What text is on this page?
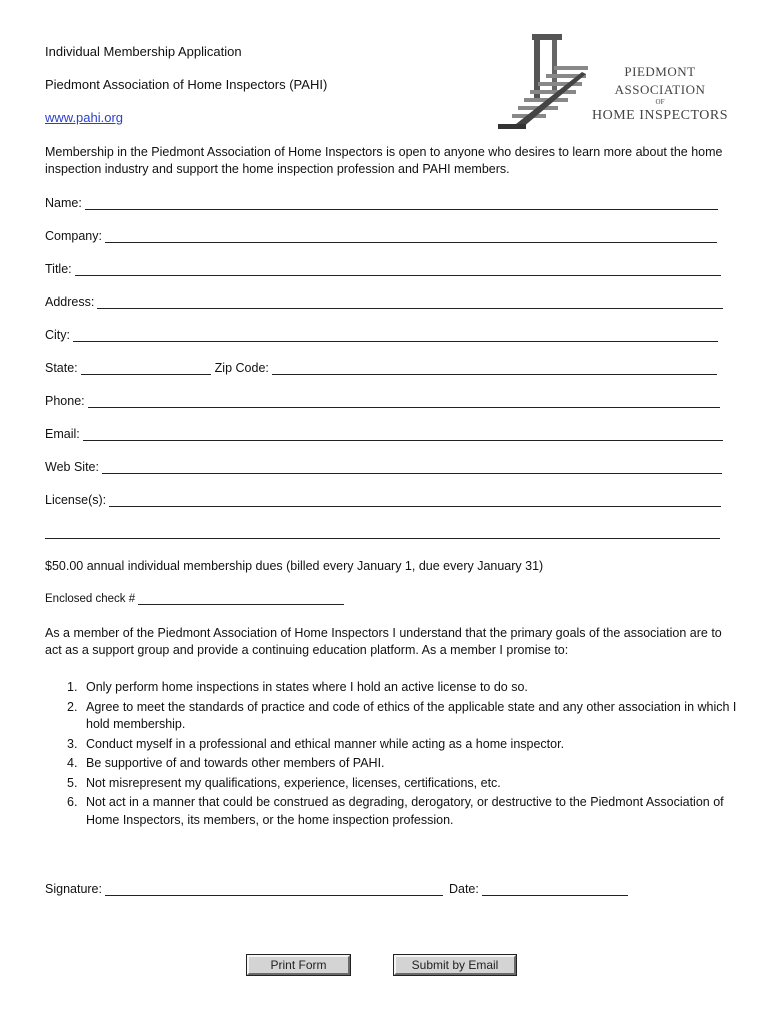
Individual Membership Application
Piedmont Association of Home Inspectors (PAHI)
www.pahi.org
PIEDMONT
ASSOCIATION
OF
HOME INSPECTORS
Membership in the Piedmont Association of Home Inspectors is open to anyone who desires to learn more about the home inspection industry and support the home inspection profession and PAHI members.
Name:
Company:
Title:
Address:
City:
State:	Zip Code:
Phone:
Email:
Web Site:
License(s):
$50.00 annual individual membership dues (billed every January 1, due every January 31)
Enclosed check #
As a member of the Piedmont Association of Home Inspectors I understand that the primary goals of the association are to act as a support group and provide a continuing education platform. As a member I promise to:
1. Only perform home inspections in states where I hold an active license to do so.
2. Agree to meet the standards of practice and code of ethics of the applicable state and any other association in which I hold membership.
3. Conduct myself in a professional and ethical manner while acting as a home inspector.
4. Be supportive of and towards other members of PAHI.
5. Not misrepresent my qualifications, experience, licenses, certifications, etc.
6. Not act in a manner that could be construed as degrading, derogatory, or destructive to the Piedmont Association of Home Inspectors, its members, or the home inspection profession.
Signature:	Date:
Print Form	Submit by Email
